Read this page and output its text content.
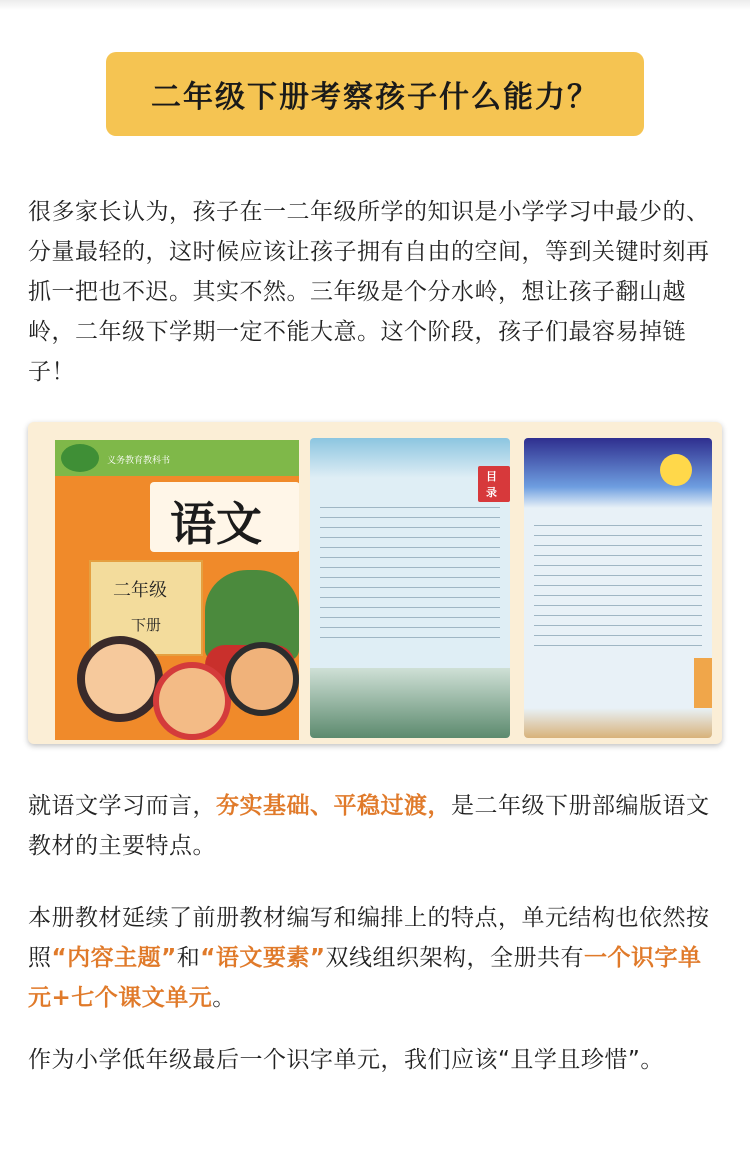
二年级下册考察孩子什么能力？
很多家长认为，孩子在一二年级所学的知识是小学学习中最少的、分量最轻的，这时候应该让孩子拥有自由的空间，等到关键时刻再抓一把也不迟。其实不然。三年级是个分水岭，想让孩子翻山越岭，二年级下学期一定不能大意。这个阶段，孩子们最容易掉链子！
义务教育教科书
语文
二年级
下册
目录
就语文学习而言，夯实基础、平稳过渡，是二年级下册部编版语文教材的主要特点。
本册教材延续了前册教材编写和编排上的特点，单元结构也依然按照“内容主题”和“语文要素”双线组织架构，全册共有一个识字单元+七个课文单元。
作为小学低年级最后一个识字单元，我们应该“且学且珍惜”。
